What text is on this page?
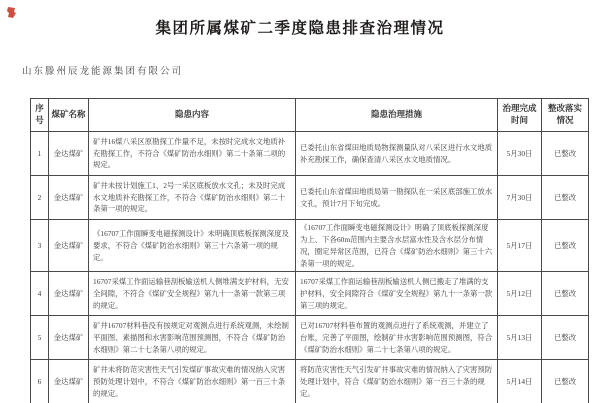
集团所属煤矿二季度隐患排查治理情况
山东滕州辰龙能源集团有限公司
序号	煤矿名称	隐患内容	隐患治理措施	治理完成时间	整改落实情况
1	金达煤矿	矿井16煤八采区原勘探工作量不足，未按时完成水文地质补充勘探工作，不符合《煤矿防治水细则》第二十条第二项的规定。	已委托山东省煤田地质局物探测量队对八采区进行水文地质补充勘探工作，确保查清八采区水文地质情况。	5月30日	已整改
2	金达煤矿	矿井未按计划施工1、2号一采区底板放水文孔；未及时完成水文地质补充勘探工作，不符合《煤矿防治水细则》第二十条第一项的规定。	已委托山东省煤田地质局第一勘探队在一采区底部施工放水文孔，预计7月下旬完成。	7月30日	已整改
3	金达煤矿	《16707工作面瞬变电磁探测设计》未明确顶底板探测深度及要求，不符合《煤矿防治水细则》第三十六条第一项的规定。	《16707工作面瞬变电磁探测设计》明确了顶底板探测深度为上、下各60m范围内主要含水层富水性及含水层分布情况，圈定异常区范围，已符合《煤矿防治水细则》第三十六条第一项的规定。	5月17日	已整改
4	金达煤矿	16707采煤工作面运输巷刮板输送机人侧堆满支护材料，无安全间隙，不符合《煤矿安全规程》第九十一条第一款第三项的规定。	16707采煤工作面运输巷刮板输送机人侧已搬走了堆满的支护材料，安全间隙符合《煤矿安全规程》第九十一条第一款第三项的规定。	5月12日	已整改
5	金达煤矿	矿井16707材料巷没有按规定对观测点进行系统观测，未绘制平面图、素描图和水害影响范围预测图，不符合《煤矿防治水细则》第二十七条第八项的规定。	已对16707材料巷布置的观测点进行了系统观测，并建立了台账，完善了平面图，绘制矿井水害影响范围预测图，符合《煤矿防治水细则》第二十七条第八项的规定。	5月13日	已整改
6	金达煤矿	矿井未将防范灾害性天气引发煤矿事故灾难的情况纳入灾害预防处理计划中，不符合《煤矿防治水细则》第一百三十条的规定。	将防范灾害性天气引发矿井事故灾难的情况纳入了灾害预防处理计划中，符合《煤矿防治水细则》第一百三十条的规定。	5月14日	已整改
